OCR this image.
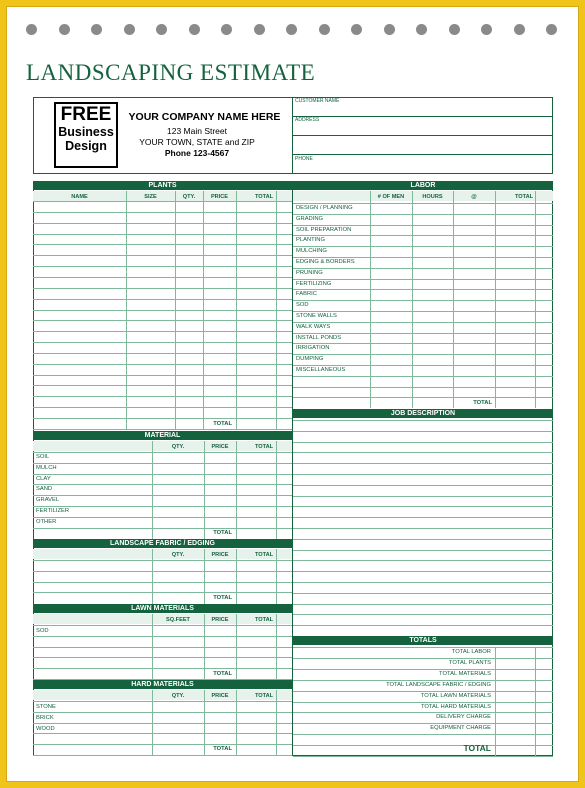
LANDSCAPING ESTIMATE
FREE
Business
Design
YOUR COMPANY NAME HERE
123 Main Street
YOUR TOWN, STATE and ZIP
Phone 123-4567
CUSTOMER NAME
ADDRESS
PHONE
PLANTS	LABOR
MATERIAL
LANDSCAPE FABRIC / EDGING
LAWN MATERIALS
HARD MATERIALS
JOB DESCRIPTION
TOTALS
NAME	SIZE	QTY.	PRICE	TOTAL
TOTAL
# OF MEN	HOURS	@	TOTAL
DESIGN / PLANNING
GRADING
SOIL PREPARATION
PLANTING
MULCHING
EDGING & BORDERS
PRUNING
FERTILIZING
FABRIC
SOD
STONE WALLS
WALK WAYS
INSTALL PONDS
IRRIGATION
DUMPING
MISCELLANEOUS
TOTAL
QTY.	PRICE	TOTAL
SOIL
MULCH
CLAY
SAND
GRAVEL
FERTILIZER
OTHER
TOTAL
QTY.	PRICE	TOTAL
TOTAL
SQ.FEET	PRICE	TOTAL
SOD
TOTAL
QTY.	PRICE	TOTAL
STONE
BRICK
WOOD
TOTAL
TOTAL LABOR
TOTAL PLANTS
TOTAL MATERIALS
TOTAL LANDSCAPE FABRIC / EDGING
TOTAL LAWN MATERIALS
TOTAL HARD MATERIALS
DELIVERY CHARGE
EQUIPMENT CHARGE
TOTAL
